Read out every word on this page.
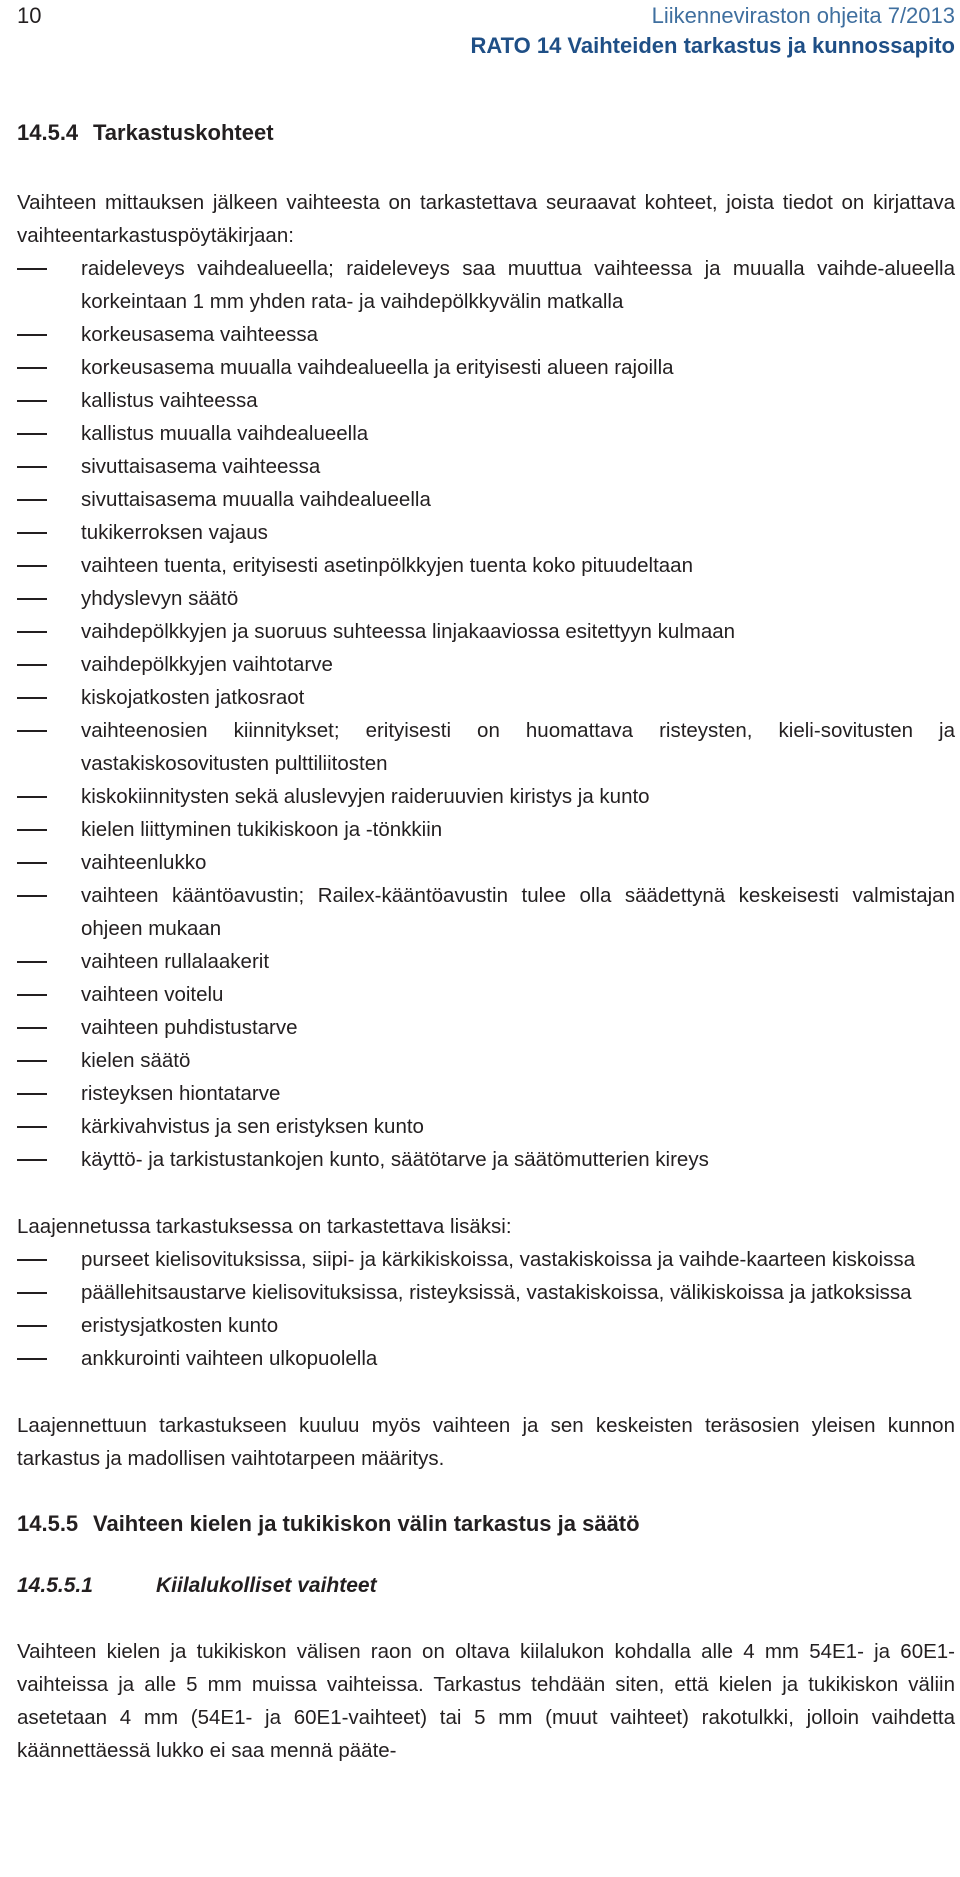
10	Liikenneviraston ohjeita 7/2013
RATO 14 Vaihteiden tarkastus ja kunnossapito
14.5.4 Tarkastuskohteet

Vaihteen mittauksen jälkeen vaihteesta on tarkastettava seuraavat kohteet, joista tiedot on kirjattava vaihteentarkastuspöytäkirjaan:

raideleveys vaihdealueella; raideleveys saa muuttua vaihteessa ja muualla vaihde-alueella korkeintaan 1 mm yhden rata- ja vaihdepölkkyvälin matkalla
korkeusasema vaihteessa
korkeusasema muualla vaihdealueella ja erityisesti alueen rajoilla
kallistus vaihteessa
kallistus muualla vaihdealueella
sivuttaisasema vaihteessa
sivuttaisasema muualla vaihdealueella
tukikerroksen vajaus
vaihteen tuenta, erityisesti asetinpölkkyjen tuenta koko pituudeltaan
yhdyslevyn säätö
vaihdepölkkyjen ja suoruus suhteessa linjakaaviossa esitettyyn kulmaan
vaihdepölkkyjen vaihtotarve
kiskojatkosten jatkosraot
vaihteenosien kiinnitykset; erityisesti on huomattava risteysten, kieli-sovitusten ja vastakiskosovitusten pulttiliitosten
kiskokiinnitysten sekä aluslevyjen raideruuvien kiristys ja kunto
kielen liittyminen tukikiskoon ja -tönkkiin
vaihteenlukko
vaihteen kääntöavustin; Railex-kääntöavustin tulee olla säädettynä keskeisesti valmistajan ohjeen mukaan
vaihteen rullalaakerit
vaihteen voitelu
vaihteen puhdistustarve
kielen säätö
risteyksen hiontatarve
kärkivahvistus ja sen eristyksen kunto
käyttö- ja tarkistustankojen kunto, säätötarve ja säätömutterien kireys

Laajennetussa tarkastuksessa on tarkastettava lisäksi:

purseet kielisovituksissa, siipi- ja kärkikiskoissa, vastakiskoissa ja vaihde-kaarteen kiskoissa
päällehitsaustarve kielisovituksissa, risteyksissä, vastakiskoissa, välikiskoissa ja jatkoksissa
eristysjatkosten kunto
ankkurointi vaihteen ulkopuolella

Laajennettuun tarkastukseen kuuluu myös vaihteen ja sen keskeisten teräsosien yleisen kunnon tarkastus ja madollisen vaihtotarpeen määritys.

14.5.5 Vaihteen kielen ja tukikiskon välin tarkastus ja säätö
14.5.5.1	Kiilalukolliset vaihteet

Vaihteen kielen ja tukikiskon välisen raon on oltava kiilalukon kohdalla alle 4 mm 54E1- ja 60E1-vaihteissa ja alle 5 mm muissa vaihteissa. Tarkastus tehdään siten, että kielen ja tukikiskon väliin asetetaan 4 mm (54E1- ja 60E1-vaihteet) tai 5 mm (muut vaihteet) rakotulkki, jolloin vaihdetta käännettäessä lukko ei saa mennä pääte-
